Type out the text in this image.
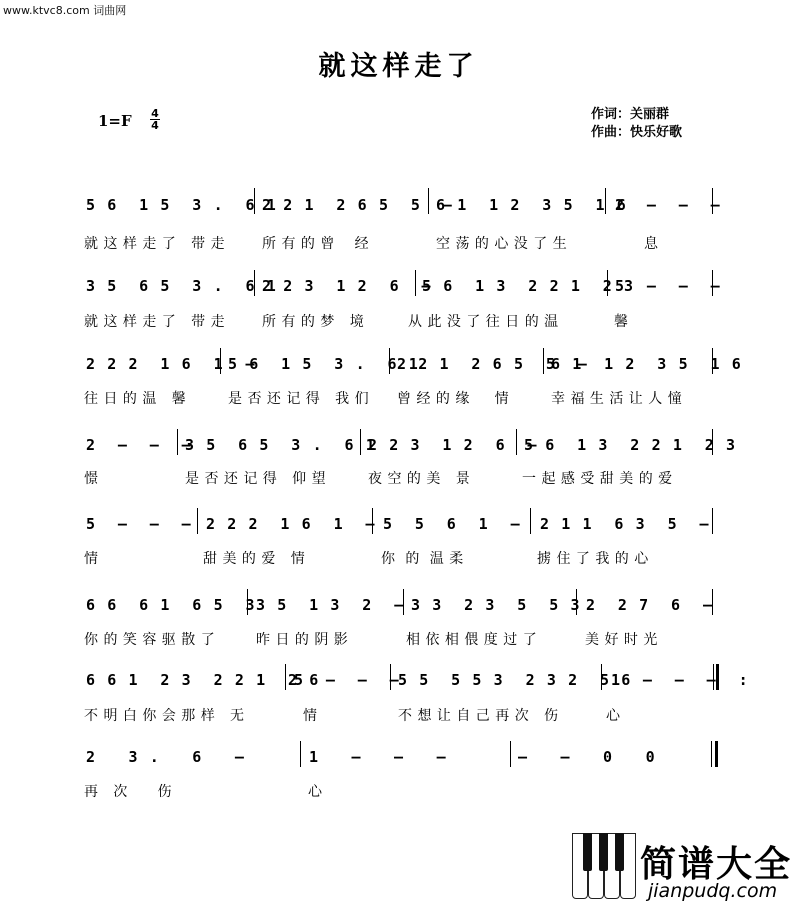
www.ktvc8.com 词曲网
就这样走了
1=F 4
4
作词：关丽群
作曲：快乐好歌
5 6  1 5  3 .  6 1
2 2 1  2 6 5  5  –
6 1  1 2  3 5  1 6
2  –  –  –
就 这 样 走 了   带 走	所 有 的 曾    经	空 荡 的 心 没 了 生	息
3 5  6 5  3 .  6 1
2 2 3  1 2  6  –
5 6  1 3  2 2 1  2 3
5  –  –  –
就 这 样 走 了   带 走	所 有 的 梦   境	从 此 没 了 往 日 的 温	馨
2 2 2  1 6  1  –
5 6  1 5  3 .  6 1
2 2 1  2 6 5  5  –
6 1  1 2  3 5  1 6
往 日 的 温   馨	是 否 还 记 得   我 们 曾 经 的 缘     情	幸 福 生 活 让 人 憧
2  –  –  –
3 5  6 5  3 .  6 1
2 2 3  1 2  6  –
5 6  1 3  2 2 1  2 3
憬	是 否 还 记 得   仰 望	夜 空 的 美   景	一 起 感 受 甜 美 的 爱
5  –  –  – 2 2 2  1 6  1  – 5  5  6  1  – 2 1 1  6 3  5  –
情	甜 美 的 爱   情	你  的  温 柔	掳 住 了 我 的 心
6 6  6 1  6 5  3 3 5  1 3  2  – 3 3  2 3  5  5 3 2  2 7  6  –
你 的 笑 容 驱 散 了	昨 日 的 阴 影	相 依 相 偎 度 过 了	美 好 时 光
6 6 1  2 3  2 2 1  2 6
5  –  –  –
5 5  5 5 3  2 3 2  5 6
1  –  –  –  :
不 明 白 你 会 那 样   无	情	不 想 让 自 己 再 次   伤	心
2   3 .   6   –	1   –   –   –	–   –   0   0
再   次      伤	心
简谱大全
jianpudq.com
